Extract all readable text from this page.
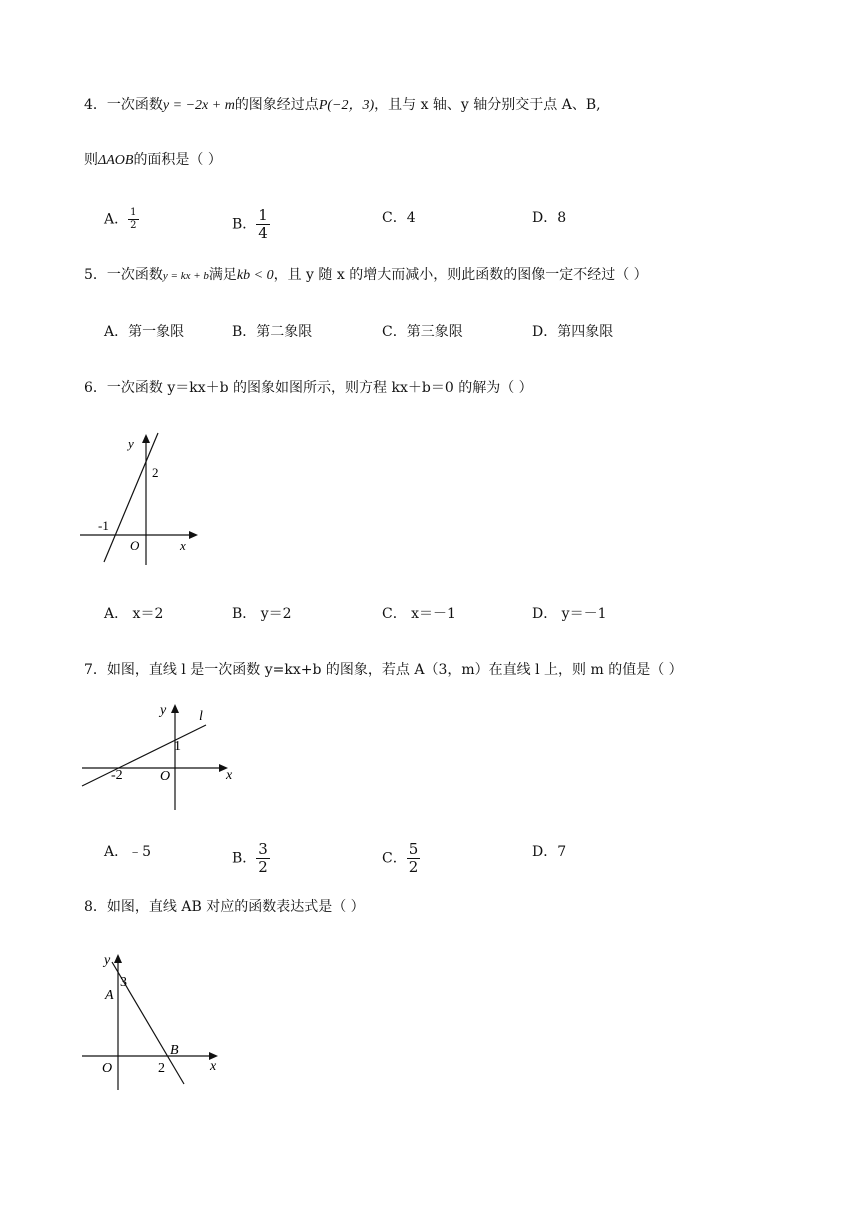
4．一次函数y = −2x + m的图象经过点P(−2，3)，且与 x 轴、y 轴分别交于点 A、B,
则ΔAOB的面积是（ ）
A． $\frac{1}{2}$	B． $\frac{1}{4}$	C．4	D．8
5．一次函数y = kx + b满足kb < 0，且 y 随 x 的增大而减小，则此函数的图像一定不经过（ ）
A．第一象限	B．第二象限	C．第三象限	D．第四象限
6．一次函数 y＝kx＋b 的图象如图所示，则方程 kx＋b＝0 的解为（ ）
y
2
-1
O	x
A． x＝2	B． y＝2	C． x＝－1	D． y＝－1
7．如图，直线 l 是一次函数 y=kx+b 的图象，若点 A（3，m）在直线 l 上，则 m 的值是（ ）
y l
1
-2	O	x
A．﹣5	B． $\frac{3}{2}$	C． $\frac{5}{2}$	D．7
8．如图，直线 AB 对应的函数表达式是（ ）
y
3
A
B
O	2	x
